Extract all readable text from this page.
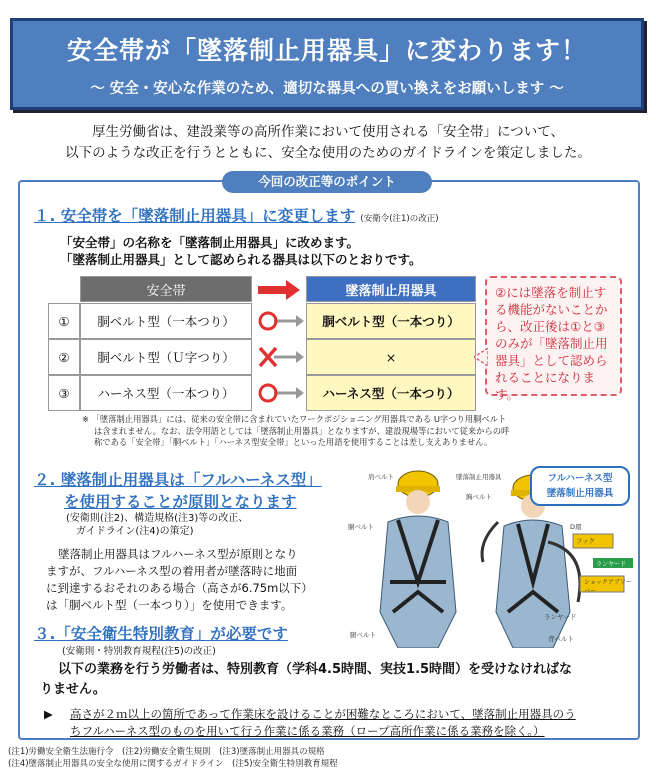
安全帯が「墜落制止用器具」に変わります！
～ 安全・安心な作業のため、適切な器具への買い換えをお願いします ～
厚生労働省は、建設業等の高所作業において使用される「安全帯」について、
以下のような改正を行うとともに、安全な使用のためのガイドラインを策定しました。
今回の改正等のポイント
１. 安全帯を「墜落制止用器具」に変更します (安衛令(注1)の改正)
「安全帯」の名称を「墜落制止用器具」に改めます。
「墜落制止用器具」として認められる器具は以下のとおりです。
安全帯	墜落制止用器具
①	胴ベルト型（一本つり）	胴ベルト型（一本つり）
②	胴ベルト型（Ｕ字つり）	×
③	ハーネス型（一本つり）	ハーネス型（一本つり）
②には墜落を制止する機能がないことから、改正後は①と③のみが「墜落制止用器具」として認められることになります。
※ 「墜落制止用器具」には、従来の安全帯に含まれていたワークポジショニング用器具である U字つり用胴ベルト
は含まれません。なお、法令用語としては「墜落制止用器具」となりますが、建設現場等において従来からの呼
称である「安全帯」「胴ベルト」「ハーネス型安全帯」といった用語を使用することは差し支えありません。
２. 墜落制止用器具は「フルハーネス型」
を使用することが原則となります
(安衛則(注2)、構造規格(注3)等の改正、
ガイドライン(注4)の策定)
墜落制止用器具はフルハーネス型が原則となり
ますが、フルハーネス型の着用者が墜落時に地面
に到達するおそれのある場合（高さが6.75m以下）
は「胴ベルト型（一本つり）」を使用できます。
フルハーネス型
墜落制止用器具
肩ベルト
胸ベルト
D環
フック
ランヤード
ショックアブソーバー
腿ベルト	背ベルト
ランヤード
墜落制止用器具
胴ベルト
３.「安全衛生特別教育」が必要です
(安衛則・特別教育規程(注5)の改正)
以下の業務を行う労働者は、特別教育（学科4.5時間、実技1.5時間）を受けなければな
りません。
▶	高さが２ｍ以上の箇所であって作業床を設けることが困難なところにおいて、墜落制止用器具のう
ちフルハーネス型のものを用いて行う作業に係る業務（ロープ高所作業に係る業務を除く。）
(注1)労働安全衛生法施行令　(注2)労働安全衛生規則　(注3)墜落制止用器具の規格
(注4)墜落制止用器具の安全な使用に関するガイドライン　(注5)安全衛生特別教育規程
